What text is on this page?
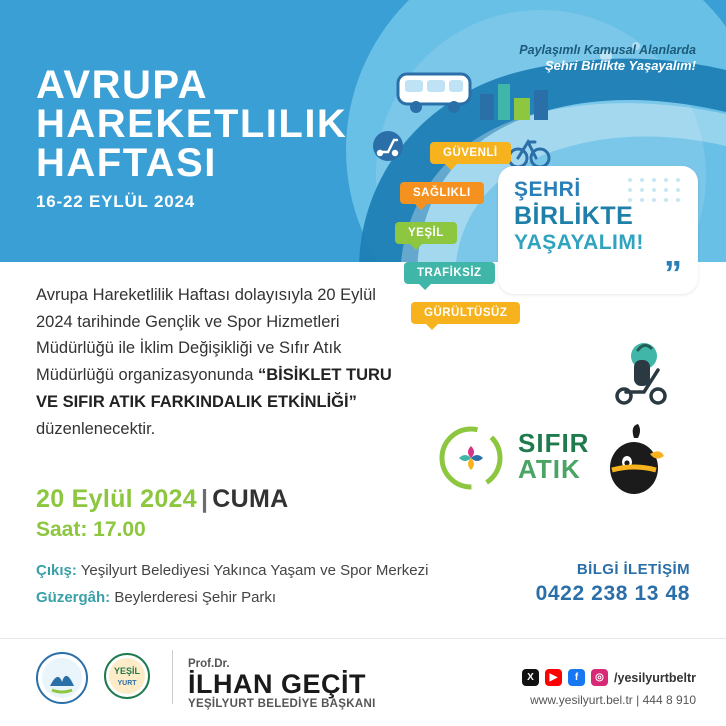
AVRUPA
HAREKETLILIK
HAFTASI
16-22 EYLÜL 2024
Paylaşımlı Kamusal Alanlarda
Şehri Birlikte Yaşayalım!
GÜVENLİ
SAĞLIKLI
YEŞİL
TRAFİKSİZ
GÜRÜLTÜSÜZ
ŞEHRİ
BİRLİKTE
YAŞAYALIM!
”
Avrupa Hareketlilik Haftası dolayısıyla 20 Eylül 2024 tarihinde Gençlik ve Spor Hizmetleri Müdürlüğü ile İklim Değişikliği ve Sıfır Atık Müdürlüğü organizasyonunda “BİSİKLET TURU VE SIFIR ATIK FARKINDALIK ETKİNLİĞİ” düzenlenecektir.
20 Eylül 2024 | CUMA
Saat: 17.00
Çıkış: Yeşilyurt Belediyesi Yakınca Yaşam ve Spor Merkezi
Güzergâh: Beylerderesi Şehir Parkı
SIFIR
ATIK
BİLGİ İLETİŞİM
0422 238 13 48
YEŞİL
YURT
Prof.Dr.
İLHAN GEÇİT
YEŞİLYURT BELEDİYE BAŞKANI
X	▶	f	◎ /yesilyurtbeltr
www.yesilyurt.bel.tr | 444 8 910
